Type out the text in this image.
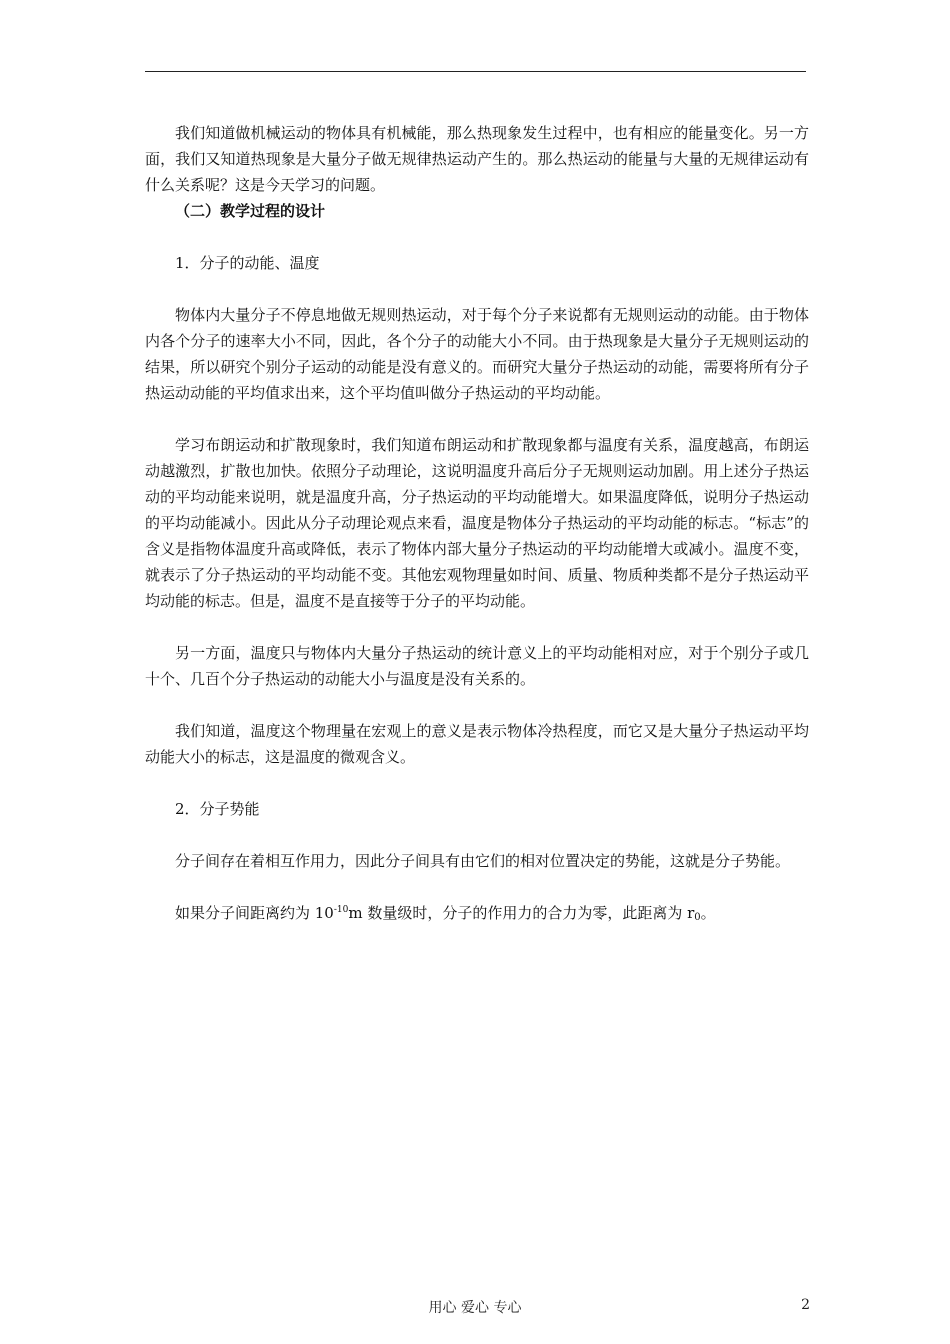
我们知道做机械运动的物体具有机械能，那么热现象发生过程中，也有相应的能量变化。另一方面，我们又知道热现象是大量分子做无规律热运动产生的。那么热运动的能量与大量的无规律运动有什么关系呢？这是今天学习的问题。

（二）教学过程的设计

1．分子的动能、温度

物体内大量分子不停息地做无规则热运动，对于每个分子来说都有无规则运动的动能。由于物体内各个分子的速率大小不同，因此，各个分子的动能大小不同。由于热现象是大量分子无规则运动的结果，所以研究个别分子运动的动能是没有意义的。而研究大量分子热运动的动能，需要将所有分子热运动动能的平均值求出来，这个平均值叫做分子热运动的平均动能。

学习布朗运动和扩散现象时，我们知道布朗运动和扩散现象都与温度有关系，温度越高，布朗运动越激烈，扩散也加快。依照分子动理论，这说明温度升高后分子无规则运动加剧。用上述分子热运动的平均动能来说明，就是温度升高，分子热运动的平均动能增大。如果温度降低，说明分子热运动的平均动能减小。因此从分子动理论观点来看，温度是物体分子热运动的平均动能的标志。“标志”的含义是指物体温度升高或降低，表示了物体内部大量分子热运动的平均动能增大或减小。温度不变，就表示了分子热运动的平均动能不变。其他宏观物理量如时间、质量、物质种类都不是分子热运动平均动能的标志。但是，温度不是直接等于分子的平均动能。

另一方面，温度只与物体内大量分子热运动的统计意义上的平均动能相对应，对于个别分子或几十个、几百个分子热运动的动能大小与温度是没有关系的。

我们知道，温度这个物理量在宏观上的意义是表示物体冷热程度，而它又是大量分子热运动平均动能大小的标志，这是温度的微观含义。

2．分子势能

分子间存在着相互作用力，因此分子间具有由它们的相对位置决定的势能，这就是分子势能。

如果分子间距离约为 $10^{-10}m$ 数量级时，分子的作用力的合力为零，此距离为 $r_0$。

用心 爱心 专心	2
